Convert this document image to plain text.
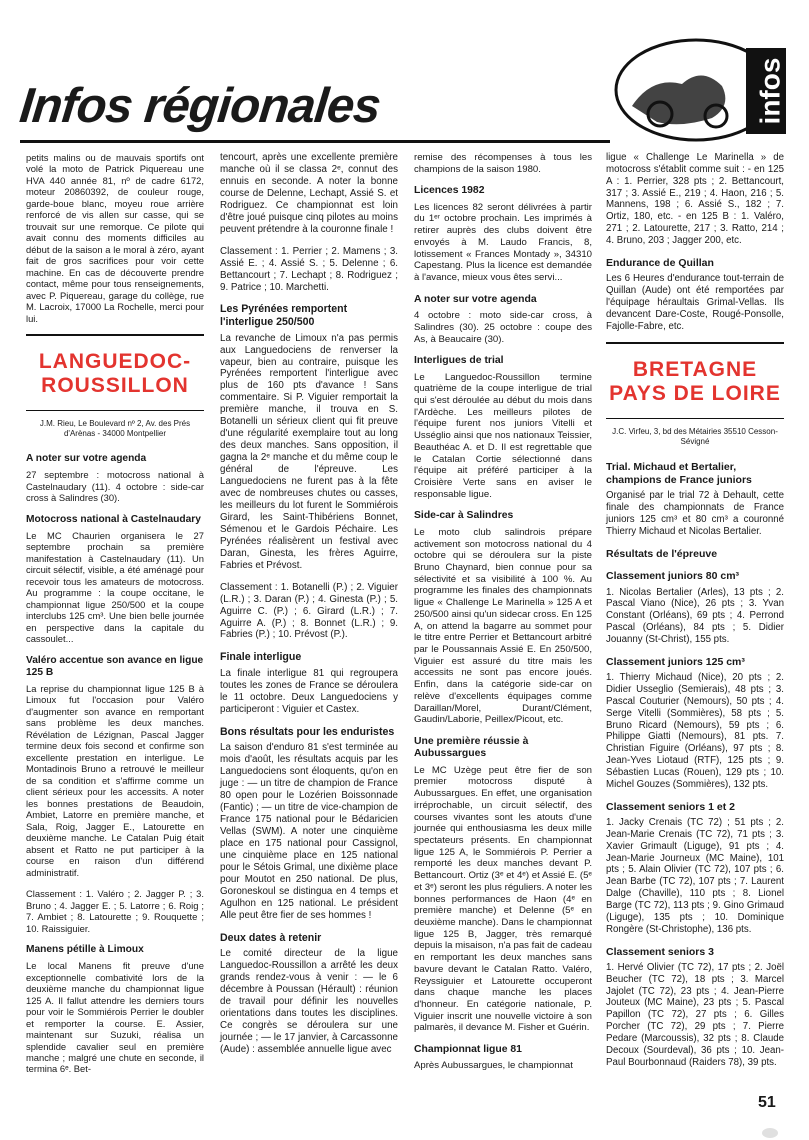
Infos régionales	infos

petits malins ou de mauvais sportifs ont volé la moto de Patrick Piquereau une HVA 440 année 81, nº de cadre 6172, moteur 20860392, de couleur rouge, garde-boue blanc, moyeu roue arrière renforcé de vis allen sur casse, qui se trouvait sur une remorque. Ce pilote qui avait connu des moments difficiles au début de la saison a le moral à zéro, ayant fait de gros sacrifices pour voir cette machine. En cas de découverte prendre contact, même pour tous renseignements, avec P. Piquereau, garage du collège, rue M. Lacroix, 17000 La Rochelle, merci pour lui.

LANGUEDOC-
ROUSSILLON
J.M. Rieu, Le Boulevard nº 2, Av. des Prés d'Arènas - 34000 Montpellier
A noter sur votre agenda

27 septembre : motocross national à Castelnaudary (11). 4 octobre : side-car cross à Salindres (30).

Motocross national à Castelnaudary

Le MC Chaurien organisera le 27 septembre prochain sa première manifestation à Castelnaudary (11). Un circuit sélectif, visible, a été aménagé pour recevoir tous les amateurs de motocross. Au programme : la coupe occitane, le championnat ligue 250/500 et la coupe interclubs 125 cm³. Une bien belle journée en perspective dans la capitale du cassoulet...

Valéro accentue son avance en ligue 125 B

La reprise du championnat ligue 125 B à Limoux fut l'occasion pour Valéro d'augmenter son avance en remportant sans problème les deux manches. Révélation de Lézignan, Pascal Jagger termine deux fois second et confirme son excellente prestation en interligue. Le Montadinois Bruno a retrouvé le meilleur de sa condition et s'affirme comme un client sérieux pour les accessits. A noter les bonnes prestations de Beaudoin, Ambiet, Latorre en première manche, et Sala, Roig, Jagger E., Latourette en deuxième manche. Le Catalan Puig était absent et Ratto ne put participer à la course en raison d'un différend administratif.

Classement : 1. Valéro ; 2. Jagger P. ; 3. Bruno ; 4. Jagger E. ; 5. Latorre ; 6. Roig ; 7. Ambiet ; 8. Latourette ; 9. Rouquette ; 10. Raissiguier.

Manens pétille à Limoux

Le local Manens fit preuve d'une exceptionnelle combativité lors de la deuxième manche du championnat ligue 125 A. Il fallut attendre les derniers tours pour voir le Sommiérois Perrier le doubler et remporter la course. E. Assier, maintenant sur Suzuki, réalisa un splendide cavalier seul en première manche ; malgré une chute en seconde, il termina 6ᵉ. Bet-

tencourt, après une excellente première manche où il se classa 2ᵉ, connut des ennuis en seconde. A noter la bonne course de Delenne, Lechapt, Assié S. et Rodriguez. Ce championnat est loin d'être joué puisque cinq pilotes au moins peuvent prétendre à la couronne finale !

Classement : 1. Perrier ; 2. Mamens ; 3. Assié E. ; 4. Assié S. ; 5. Delenne ; 6. Bettancourt ; 7. Lechapt ; 8. Rodriguez ; 9. Patrice ; 10. Marchetti.

Les Pyrénées remportent l'interligue 250/500

La revanche de Limoux n'a pas permis aux Languedociens de renverser la vapeur, bien au contraire, puisque les Pyrénées remportent l'interligue avec plus de 160 pts d'avance ! Sans commentaire. Si P. Viguier remportait la première manche, il trouva en S. Botanelli un sérieux client qui fit preuve d'une régularité exemplaire tout au long des deux manches. Sans opposition, il gagna la 2ᵉ manche et du même coup le général de l'épreuve. Les Languedociens ne furent pas à la fête avec de nombreuses chutes ou casses, les meilleurs du lot furent le Sommiérois Girard, les Saint-Thibériens Bonnet, Sémenou et le Gardois Péchaire. Les Pyrénées réalisèrent un festival avec Daran, Ginesta, les frères Aguirre, Fabries et Prévost.

Classement : 1. Botanelli (P.) ; 2. Viguier (L.R.) ; 3. Daran (P.) ; 4. Ginesta (P.) ; 5. Aguirre C. (P.) ; 6. Girard (L.R.) ; 7. Aguirre A. (P.) ; 8. Bonnet (L.R.) ; 9. Fabries (P.) ; 10. Prévost (P.).

Finale interligue

La finale interligue 81 qui regroupera toutes les zones de France se déroulera le 11 octobre. Deux Languedociens y participeront : Viguier et Castex.

Bons résultats pour les enduristes

La saison d'enduro 81 s'est terminée au mois d'août, les résultats acquis par les Languedociens sont éloquents, qu'on en juge : — un titre de champion de France 80 open pour le Lozérien Boissonnade (Fantic) ; — un titre de vice-champion de France 175 national pour le Bédaricien Vellas (SWM). A noter une cinquième place en 175 national pour Cassignol, une cinquième place en 125 national pour le Sétois Grimal, une dixième place pour Moutot en 250 national. De plus, Goroneskoul se distingua en 4 temps et Agulhon en 125 national. Le président Alle peut être fier de ses hommes !

Deux dates à retenir

Le comité directeur de la ligue Languedoc-Roussillon a arrêté les deux grands rendez-vous à venir : — le 6 décembre à Poussan (Hérault) : réunion de travail pour définir les nouvelles orientations dans toutes les disciplines. Ce congrès se déroulera sur une journée ; — le 17 janvier, à Carcassonne (Aude) : assemblée annuelle ligue avec

remise des récompenses à tous les champions de la saison 1980.

Licences 1982

Les licences 82 seront délivrées à partir du 1ᵉʳ octobre prochain. Les imprimés à retirer auprès des clubs doivent être envoyés à M. Laudo Francis, 8, lotissement « Frances Montady », 34310 Capestang. Plus la licence est demandée à l'avance, mieux vous êtes servi...

A noter sur votre agenda

4 octobre : moto side-car cross, à Salindres (30). 25 octobre : coupe des As, à Beaucaire (30).

Interligues de trial

Le Languedoc-Roussillon termine quatrième de la coupe interligue de trial qui s'est déroulée au début du mois dans l'Ardèche. Les meilleurs pilotes de l'équipe furent nos juniors Vitelli et Usséglio ainsi que nos nationaux Teissier, Beauthéac A. et D. Il est regrettable que le Catalan Cortie sélectionné dans l'équipe ait préféré participer à la Croisière Verte sans en aviser le responsable ligue.

Side-car à Salindres

Le moto club salindrois prépare activement son motocross national du 4 octobre qui se déroulera sur la piste Bruno Chaynard, bien connue pour sa sélectivité et sa visibilité à 100 %. Au programme les finales des championnats ligue « Challenge Le Marinella » 125 A et 250/500 ainsi qu'un sidecar cross. En 125 A, on attend la bagarre au sommet pour le titre entre Perrier et Bettancourt arbitré par le Poussannais Assié E. En 250/500, Viguier est assuré du titre mais les accessits ne sont pas encore joués. Enfin, dans la catégorie side-car on relève d'excellents équipages comme Daraillan/Morel, Durant/Clément, Gaudin/Laborie, Peillex/Picout, etc.

Une première réussie à Aubussargues

Le MC Uzège peut être fier de son premier motocross disputé à Aubussargues. En effet, une organisation irréprochable, un circuit sélectif, des courses vivantes sont les atouts d'une journée qui enthousiasma les deux mille spectateurs présents. En championnat ligue 125 A, le Sommiérois P. Perrier a remporté les deux manches devant P. Bettancourt. Ortiz (3ᵉ et 4ᵉ) et Assié E. (5ᵉ et 3ᵉ) seront les plus réguliers. A noter les bonnes performances de Haon (4ᵉ en première manche) et Delenne (5ᵉ en deuxième manche). Dans le championnat ligue 125 B, Jagger, très remarqué depuis la misaison, n'a pas fait de cadeau en remportant les deux manches sans bavure devant le Catalan Ratto. Valéro, Reyssiguier et Latourette occuperont dans chaque manche les places d'honneur. En catégorie nationale, P. Viguier inscrit une nouvelle victoire à son palmarès, il devance M. Fisher et Guérin.

Championnat ligue 81

Après Aubussargues, le championnat

ligue « Challenge Le Marinella » de motocross s'établit comme suit : - en 125 A : 1. Perrier, 328 pts ; 2. Bettancourt, 317 ; 3. Assié E., 219 ; 4. Haon, 216 ; 5. Mannens, 198 ; 6. Assié S., 182 ; 7. Ortiz, 180, etc. - en 125 B : 1. Valéro, 271 ; 2. Latourette, 217 ; 3. Ratto, 214 ; 4. Bruno, 203 ; Jagger 200, etc.

Endurance de Quillan

Les 6 Heures d'endurance tout-terrain de Quillan (Aude) ont été remportées par l'équipage héraultais Grimal-Vellas. Ils devancent Dare-Coste, Rougé-Ponsolle, Fajolle-Fabre, etc.

BRETAGNE
PAYS DE LOIRE
J.C. Virfeu, 3, bd des Métairies 35510 Cesson-Sévigné
Trial. Michaud et Bertalier, champions de France juniors

Organisé par le trial 72 à Dehault, cette finale des championnats de France juniors 125 cm³ et 80 cm³ a couronné Thierry Michaud et Nicolas Bertalier.

Résultats de l'épreuve
Classement juniors 80 cm³

1. Nicolas Bertalier (Arles), 13 pts ; 2. Pascal Viano (Nice), 26 pts ; 3. Yvan Constant (Orléans), 69 pts ; 4. Perrond Pascal (Orléans), 84 pts ; 5. Didier Jouanny (St-Christ), 155 pts.

Classement juniors 125 cm³

1. Thierry Michaud (Nice), 20 pts ; 2. Didier Usseglio (Semierais), 48 pts ; 3. Pascal Couturier (Nemours), 50 pts ; 4. Serge Vitelli (Sommières), 58 pts ; 5. Bruno Ricard (Nemours), 59 pts ; 6. Philippe Giatti (Nemours), 81 pts. 7. Christian Figuire (Orléans), 97 pts ; 8. Jean-Yves Liotaud (RTF), 125 pts ; 9. Sébastien Lucas (Rouen), 129 pts ; 10. Michel Gouzes (Sommières), 132 pts.

Classement seniors 1 et 2

1. Jacky Crenais (TC 72) ; 51 pts ; 2. Jean-Marie Crenais (TC 72), 71 pts ; 3. Xavier Grimault (Liguge), 91 pts ; 4. Jean-Marie Journeux (MC Maine), 101 pts ; 5. Alain Olivier (TC 72), 107 pts ; 6. Jean Barbe (TC 72), 107 pts ; 7. Laurent Dalge (Chaville), 110 pts ; 8. Lionel Barge (TC 72), 113 pts ; 9. Gino Grimaud (Liguge), 135 pts ; 10. Dominique Rongère (St-Christophe), 136 pts.

Classement seniors 3

1. Hervé Olivier (TC 72), 17 pts ; 2. Joël Beucher (TC 72), 18 pts ; 3. Marcel Jajolet (TC 72), 23 pts ; 4. Jean-Pierre Jouteux (MC Maine), 23 pts ; 5. Pascal Papillon (TC 72), 27 pts ; 6. Gilles Porcher (TC 72), 29 pts ; 7. Pierre Pedare (Marcoussis), 32 pts ; 8. Claude Decoux (Sourdeval), 36 pts ; 10. Jean-Paul Bourbonnaud (Raiders 78), 39 pts.

51
